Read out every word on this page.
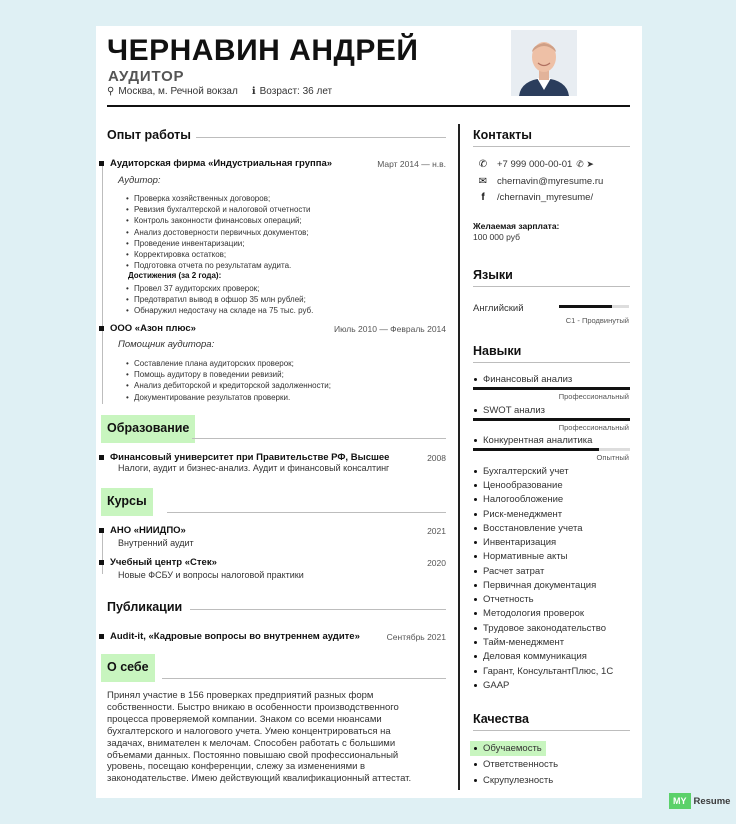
ЧЕРНАВИН АНДРЕЙ
АУДИТОР
⚲ Москва, м. Речной вокзал ℹ Возраст: 36 лет
Опыт работы
Аудиторская фирма «Индустриальная группа»	Март 2014 — н.в.
Аудитор:
• Проверка хозяйственных договоров;
• Ревизия бухгалтерской и налоговой отчетности
• Контроль законности финансовых операций;
• Анализ достоверности первичных документов;
• Проведение инвентаризации;
• Корректировка остатков;
• Подготовка отчета по результатам аудита.
Достижения (за 2 года):
• Провел 37 аудиторских проверок;
• Предотвратил вывод в офшор 35 млн рублей;
• Обнаружил недостачу на складе на 75 тыс. руб.
ООО «Азон плюс»	Июль 2010 — Февраль 2014
Помощник аудитора:
• Составление плана аудиторских проверок;
• Помощь аудитору в поведении ревизий;
• Анализ дебиторской и кредиторской задолженности;
• Документирование результатов проверки.
Образование
Финансовый университет при Правительстве РФ, Высшее	2008
Налоги, аудит и бизнес-анализ. Аудит и финансовый консалтинг
Курсы
АНО «НИИДПО»	2021
Внутренний аудит
Учебный центр «Стек»	2020
Новые ФСБУ и вопросы налоговой практики
Публикации
Audit-it, «Кадровые вопросы во внутреннем аудите»	Сентябрь 2021
О себе
Принял участие в 156 проверках предприятий разных форм собственности. Быстро вникаю в особенности производственного процесса проверяемой компании. Знаком со всеми нюансами бухгалтерского и налогового учета. Умею концентрироваться на задачах, внимателен к мелочам. Способен работать с большими объемами данных. Постоянно повышаю свой профессиональный уровень, посещаю конференции, слежу за изменениями в законодательстве. Имею действующий квалификационный аттестат.
Контакты
✆ +7 999 000-00-01 ✆ ➤
✉ chernavin@myresume.ru
f	/chernavin_myresume/
Желаемая зарплата:
100 000 руб
Языки
Английский
C1 - Продвинутый
Навыки
Финансовый анализ
Профессиональный
SWOT анализ
Профессиональный
Конкурентная аналитика
Опытный
Бухгалтерский учет
Ценообразование
Налогообложение
Риск-менеджмент
Восстановление учета
Инвентаризация
Нормативные акты
Расчет затрат
Первичная документация
Отчетность
Методология проверок
Трудовое законодательство
Тайм-менеджмент
Деловая коммуникация
Гарант, КонсультантПлюс, 1С
GAAP
Качества
Обучаемость
Ответственность
Скрупулезность
MY Resume
